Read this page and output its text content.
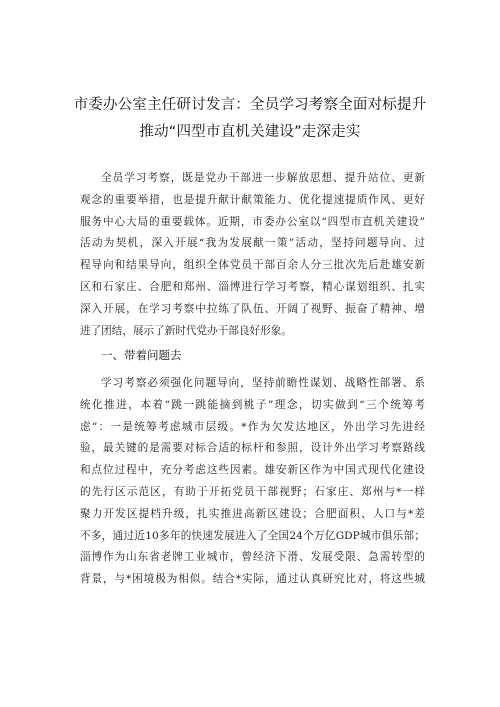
市委办公室主任研讨发言：全员学习考察全面对标提升
推动“四型市直机关建设”走深走实
全员学习考察，既是党办干部进一步解放思想、提升站位、更新
观念的重要举措，也是提升献计献策能力、优化提速提质作风、更好
服务中心大局的重要载体。近期，市委办公室以“四型市直机关建设”
活动为契机，深入开展“我为发展献一策”活动，坚持问题导向、过
程导向和结果导向，组织全体党员干部百余人分三批次先后赴雄安新
区和石家庄、合肥和郑州、淄博进行学习考察，精心谋划组织、扎实
深入开展，在学习考察中拉练了队伍、开阔了视野、振奋了精神、增
进了团结，展示了新时代党办干部良好形象。
一、带着问题去
学习考察必须强化问题导向，坚持前瞻性谋划、战略性部署、系
统化推进，本着“跳一跳能摘到桃子”理念，切实做到“三个统筹考
虑”：一是统筹考虑城市层级。*作为欠发达地区，外出学习先进经
验，最关键的是需要对标合适的标杆和参照，设计外出学习考察路线
和点位过程中，充分考虑这些因素。雄安新区作为中国式现代化建设
的先行区示范区，有助于开拓党员干部视野；石家庄、郑州与*一样
聚力开发区提档升级，扎实推进高新区建设；合肥面积、人口与*差
不多，通过近10多年的快速发展进入了全国24个万亿GDP城市俱乐部；
淄博作为山东省老牌工业城市，曾经济下滑、发展受限、急需转型的
背景，与*困境极为相似。结合*实际，通过认真研究比对，将这些城
